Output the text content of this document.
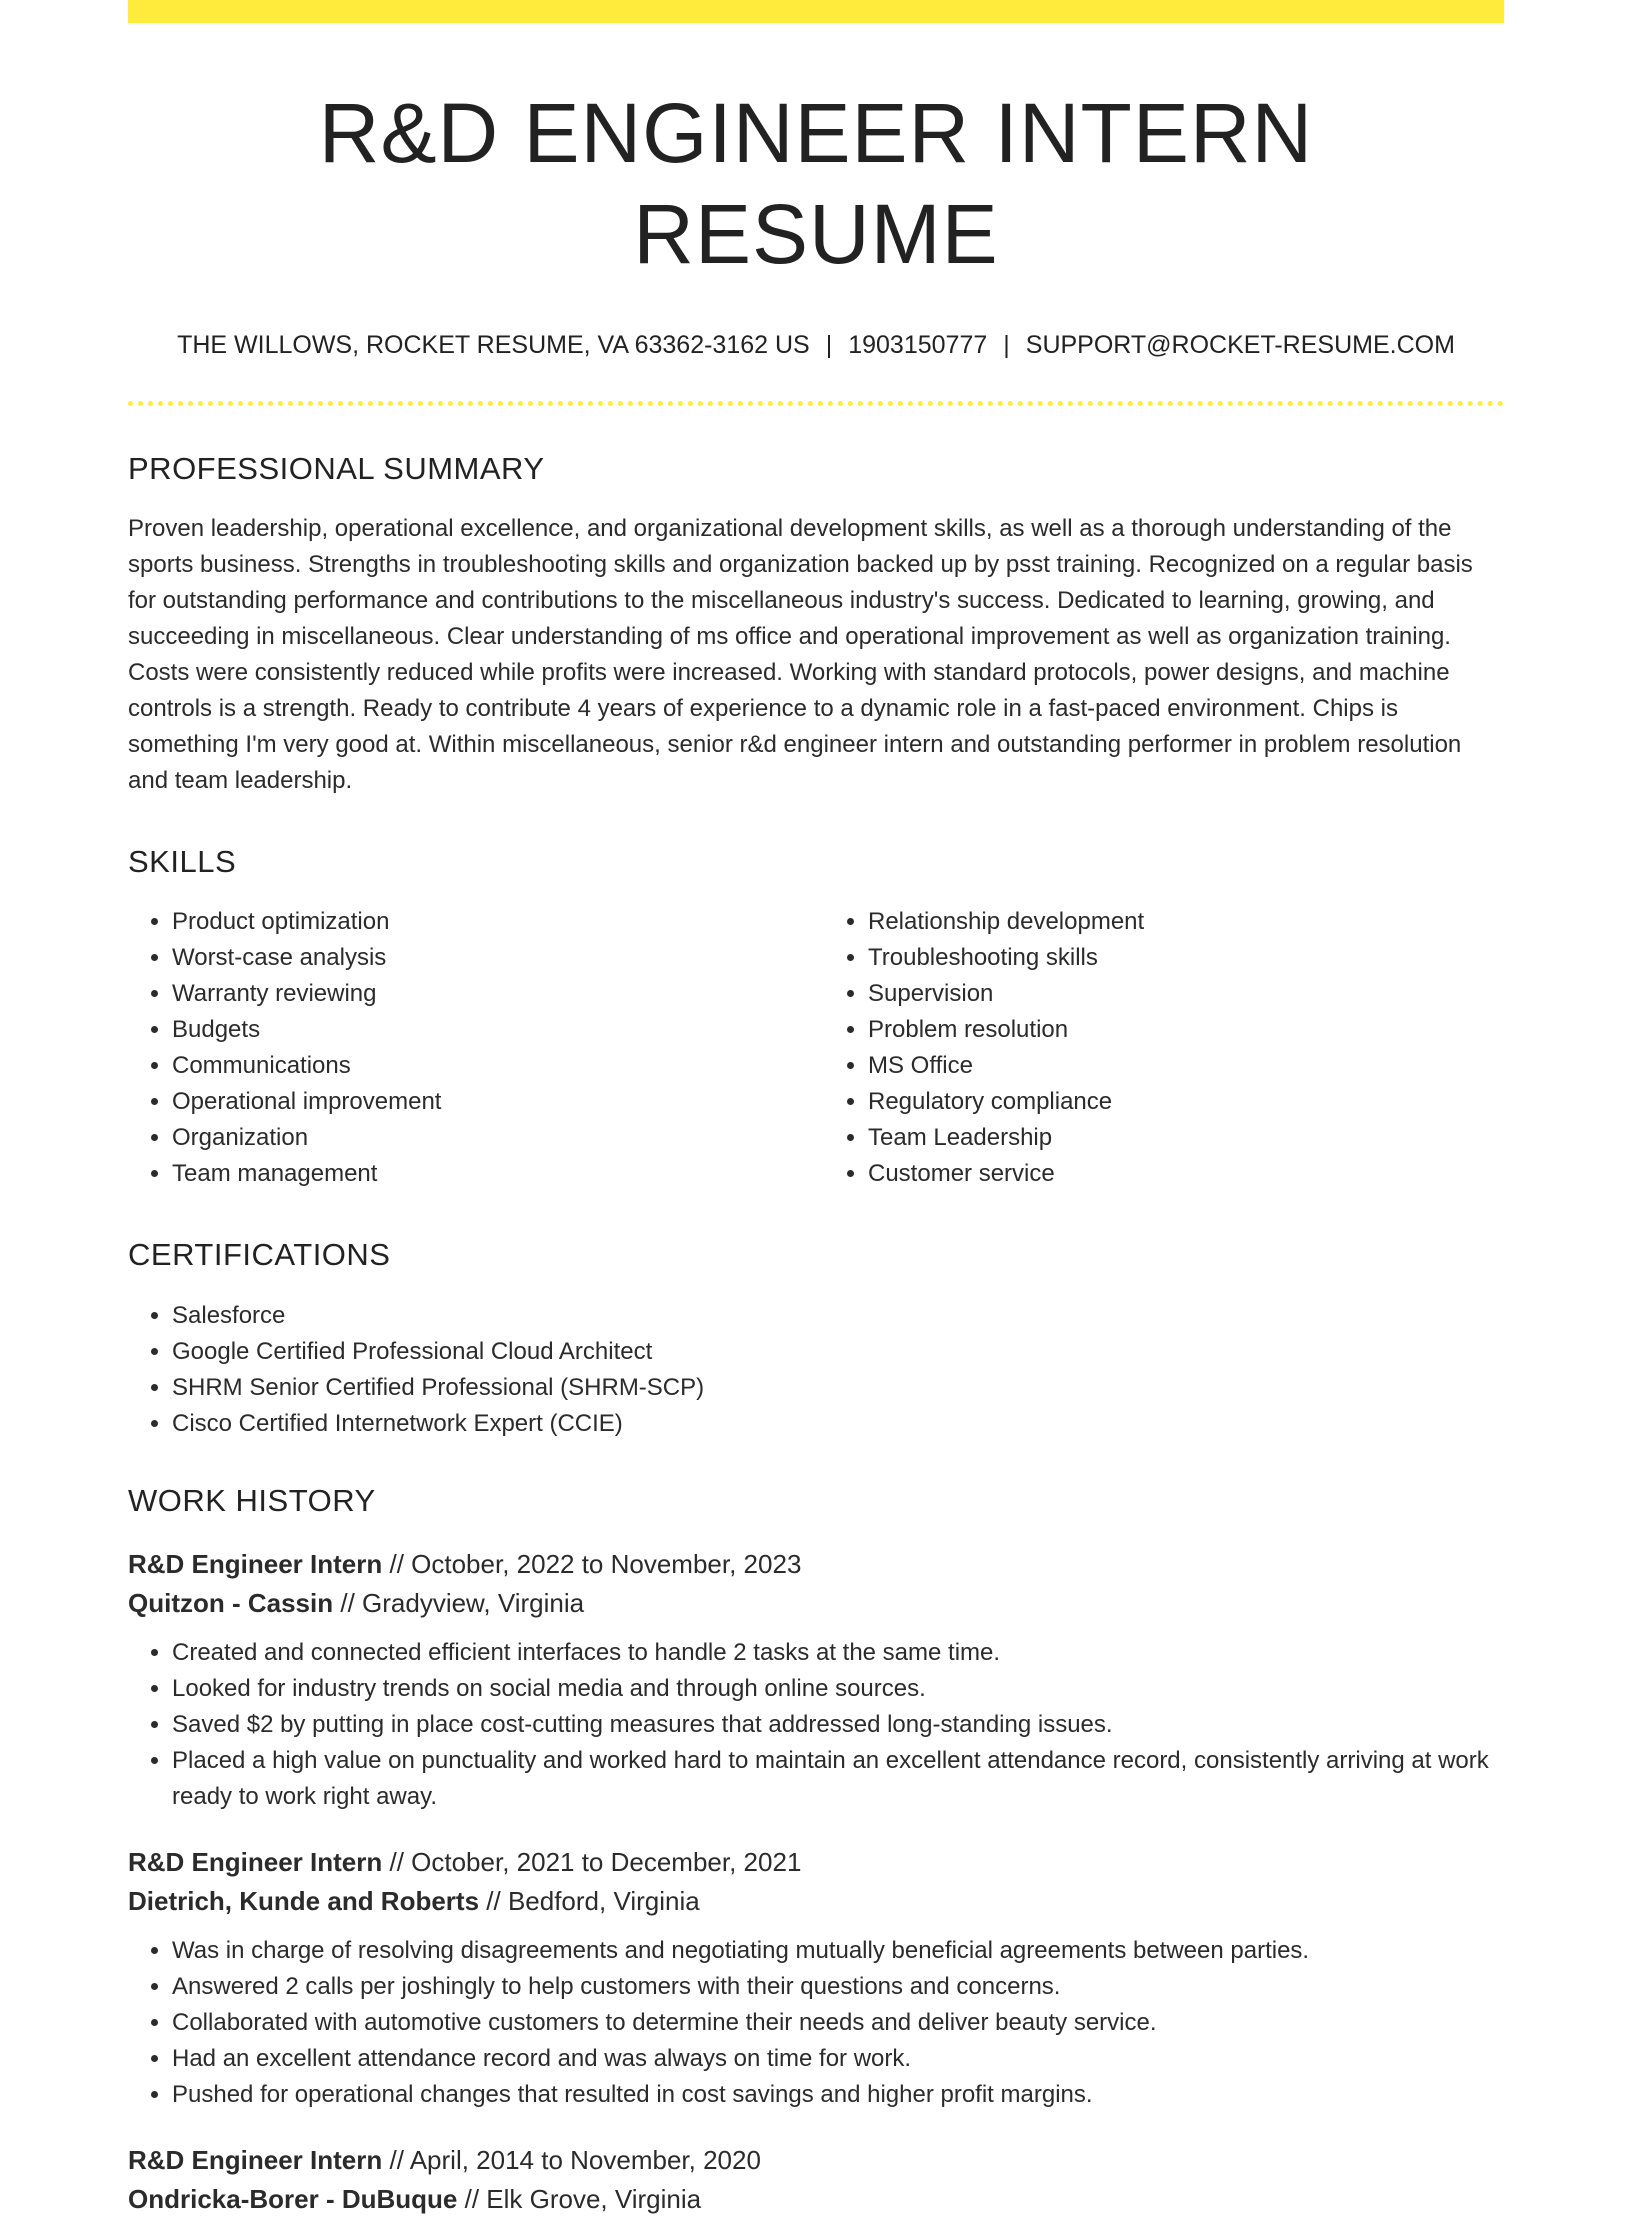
R&D ENGINEER INTERN RESUME
THE WILLOWS, ROCKET RESUME, VA 63362-3162 US | 1903150777 | SUPPORT@ROCKET-RESUME.COM
PROFESSIONAL SUMMARY

Proven leadership, operational excellence, and organizational development skills, as well as a thorough understanding of the sports business. Strengths in troubleshooting skills and organization backed up by psst training. Recognized on a regular basis for outstanding performance and contributions to the miscellaneous industry's success. Dedicated to learning, growing, and succeeding in miscellaneous. Clear understanding of ms office and operational improvement as well as organization training. Costs were consistently reduced while profits were increased. Working with standard protocols, power designs, and machine controls is a strength. Ready to contribute 4 years of experience to a dynamic role in a fast-paced environment. Chips is something I'm very good at. Within miscellaneous, senior r&d engineer intern and outstanding performer in problem resolution and team leadership.

SKILLS
• Product optimization
• Worst-case analysis
• Warranty reviewing
• Budgets
• Communications
• Operational improvement
• Organization
• Team management
• Relationship development
• Troubleshooting skills
• Supervision
• Problem resolution
• MS Office
• Regulatory compliance
• Team Leadership
• Customer service
CERTIFICATIONS
• Salesforce
• Google Certified Professional Cloud Architect
• SHRM Senior Certified Professional (SHRM-SCP)
• Cisco Certified Internetwork Expert (CCIE)
WORK HISTORY
R&D Engineer Intern // October, 2022 to November, 2023
Quitzon - Cassin // Gradyview, Virginia
• Created and connected efficient interfaces to handle 2 tasks at the same time.
• Looked for industry trends on social media and through online sources.
• Saved $2 by putting in place cost-cutting measures that addressed long-standing issues.
• Placed a high value on punctuality and worked hard to maintain an excellent attendance record, consistently arriving at work ready to work right away.
R&D Engineer Intern // October, 2021 to December, 2021
Dietrich, Kunde and Roberts // Bedford, Virginia
• Was in charge of resolving disagreements and negotiating mutually beneficial agreements between parties.
• Answered 2 calls per joshingly to help customers with their questions and concerns.
• Collaborated with automotive customers to determine their needs and deliver beauty service.
• Had an excellent attendance record and was always on time for work.
• Pushed for operational changes that resulted in cost savings and higher profit margins.
R&D Engineer Intern // April, 2014 to November, 2020
Ondricka-Borer - DuBuque // Elk Grove, Virginia
